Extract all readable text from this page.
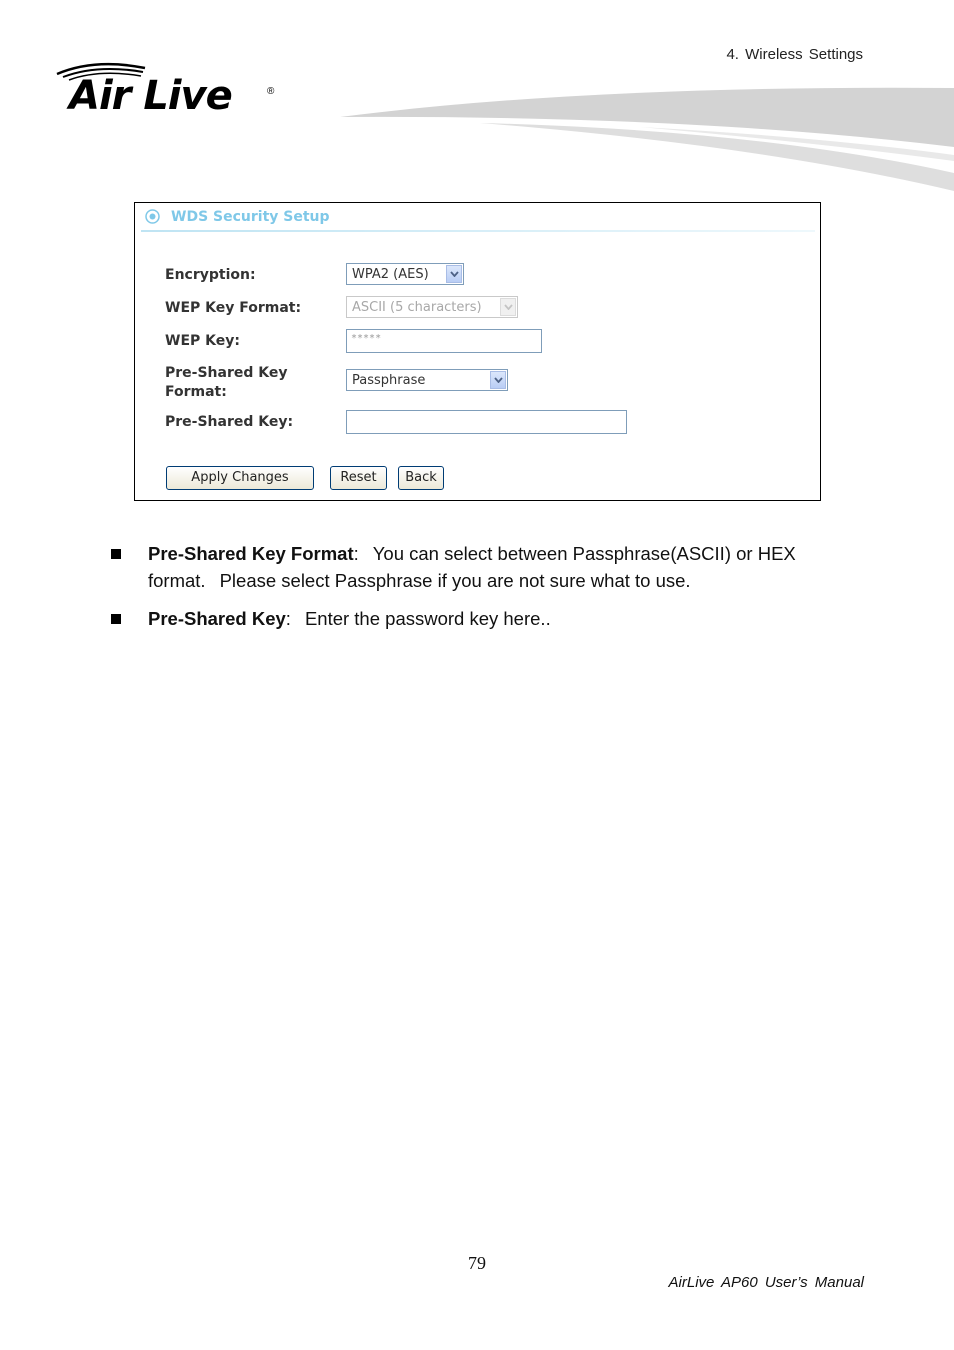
4. Wireless Settings
Air Live	®
WDS Security Setup
Encryption:	WPA2 (AES)
WEP Key Format:	ASCII (5 characters)
WEP Key:	*****
Pre-Shared Key
Format:
Passphrase
Pre-Shared Key:
Apply Changes	Reset	Back
Pre-Shared Key Format: You can select between Passphrase(ASCII) or HEX format. Please select Passphrase if you are not sure what to use.
Pre-Shared Key: Enter the password key here..
79
AirLive AP60 User’s Manual
